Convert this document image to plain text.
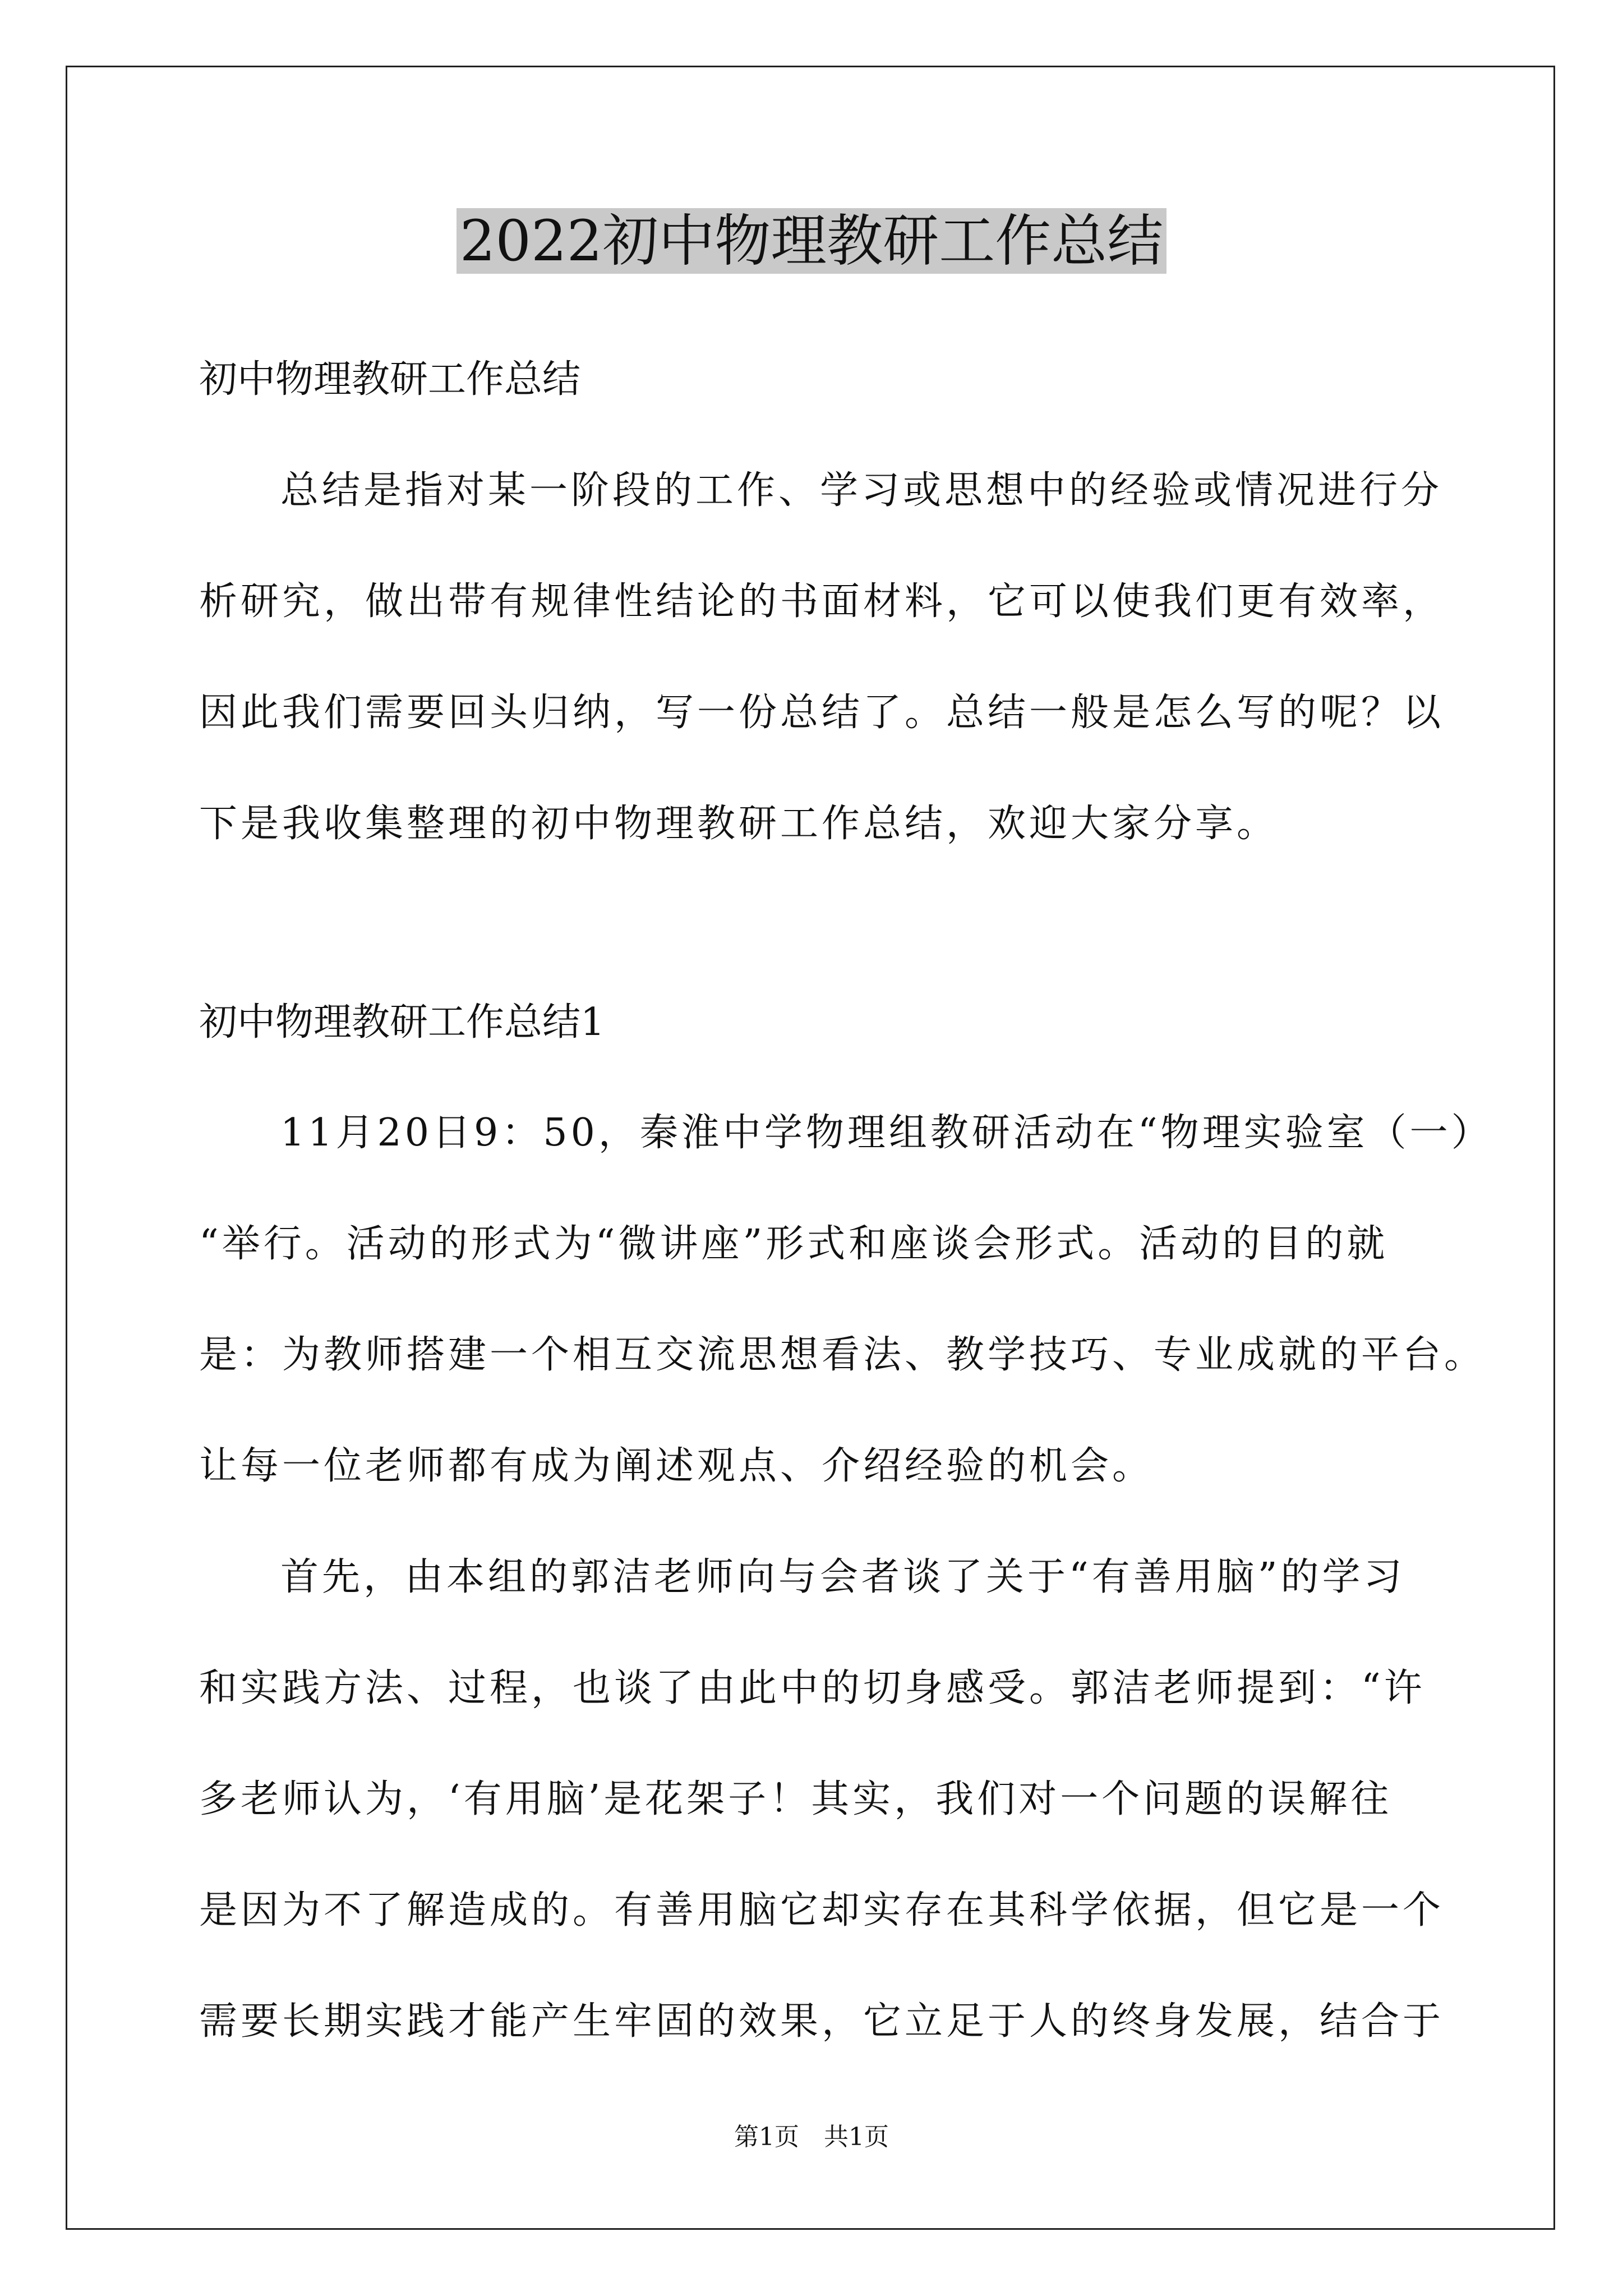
2022初中物理教研工作总结
初中物理教研工作总结
总结是指对某一阶段的工作、学习或思想中的经验或情况进行分
析研究，做出带有规律性结论的书面材料，它可以使我们更有效率，
因此我们需要回头归纳，写一份总结了。总结一般是怎么写的呢？以
下是我收集整理的初中物理教研工作总结，欢迎大家分享。
初中物理教研工作总结1
11月20日9：50，秦淮中学物理组教研活动在“物理实验室（一）
“举行。活动的形式为“微讲座”形式和座谈会形式。活动的目的就
是：为教师搭建一个相互交流思想看法、教学技巧、专业成就的平台。
让每一位老师都有成为阐述观点、介绍经验的机会。
首先，由本组的郭洁老师向与会者谈了关于“有善用脑”的学习
和实践方法、过程，也谈了由此中的切身感受。郭洁老师提到：“许
多老师认为，‘有用脑’是花架子！其实，我们对一个问题的误解往
是因为不了解造成的。有善用脑它却实存在其科学依据，但它是一个
需要长期实践才能产生牢固的效果，它立足于人的终身发展，结合于
第1页　共1页
